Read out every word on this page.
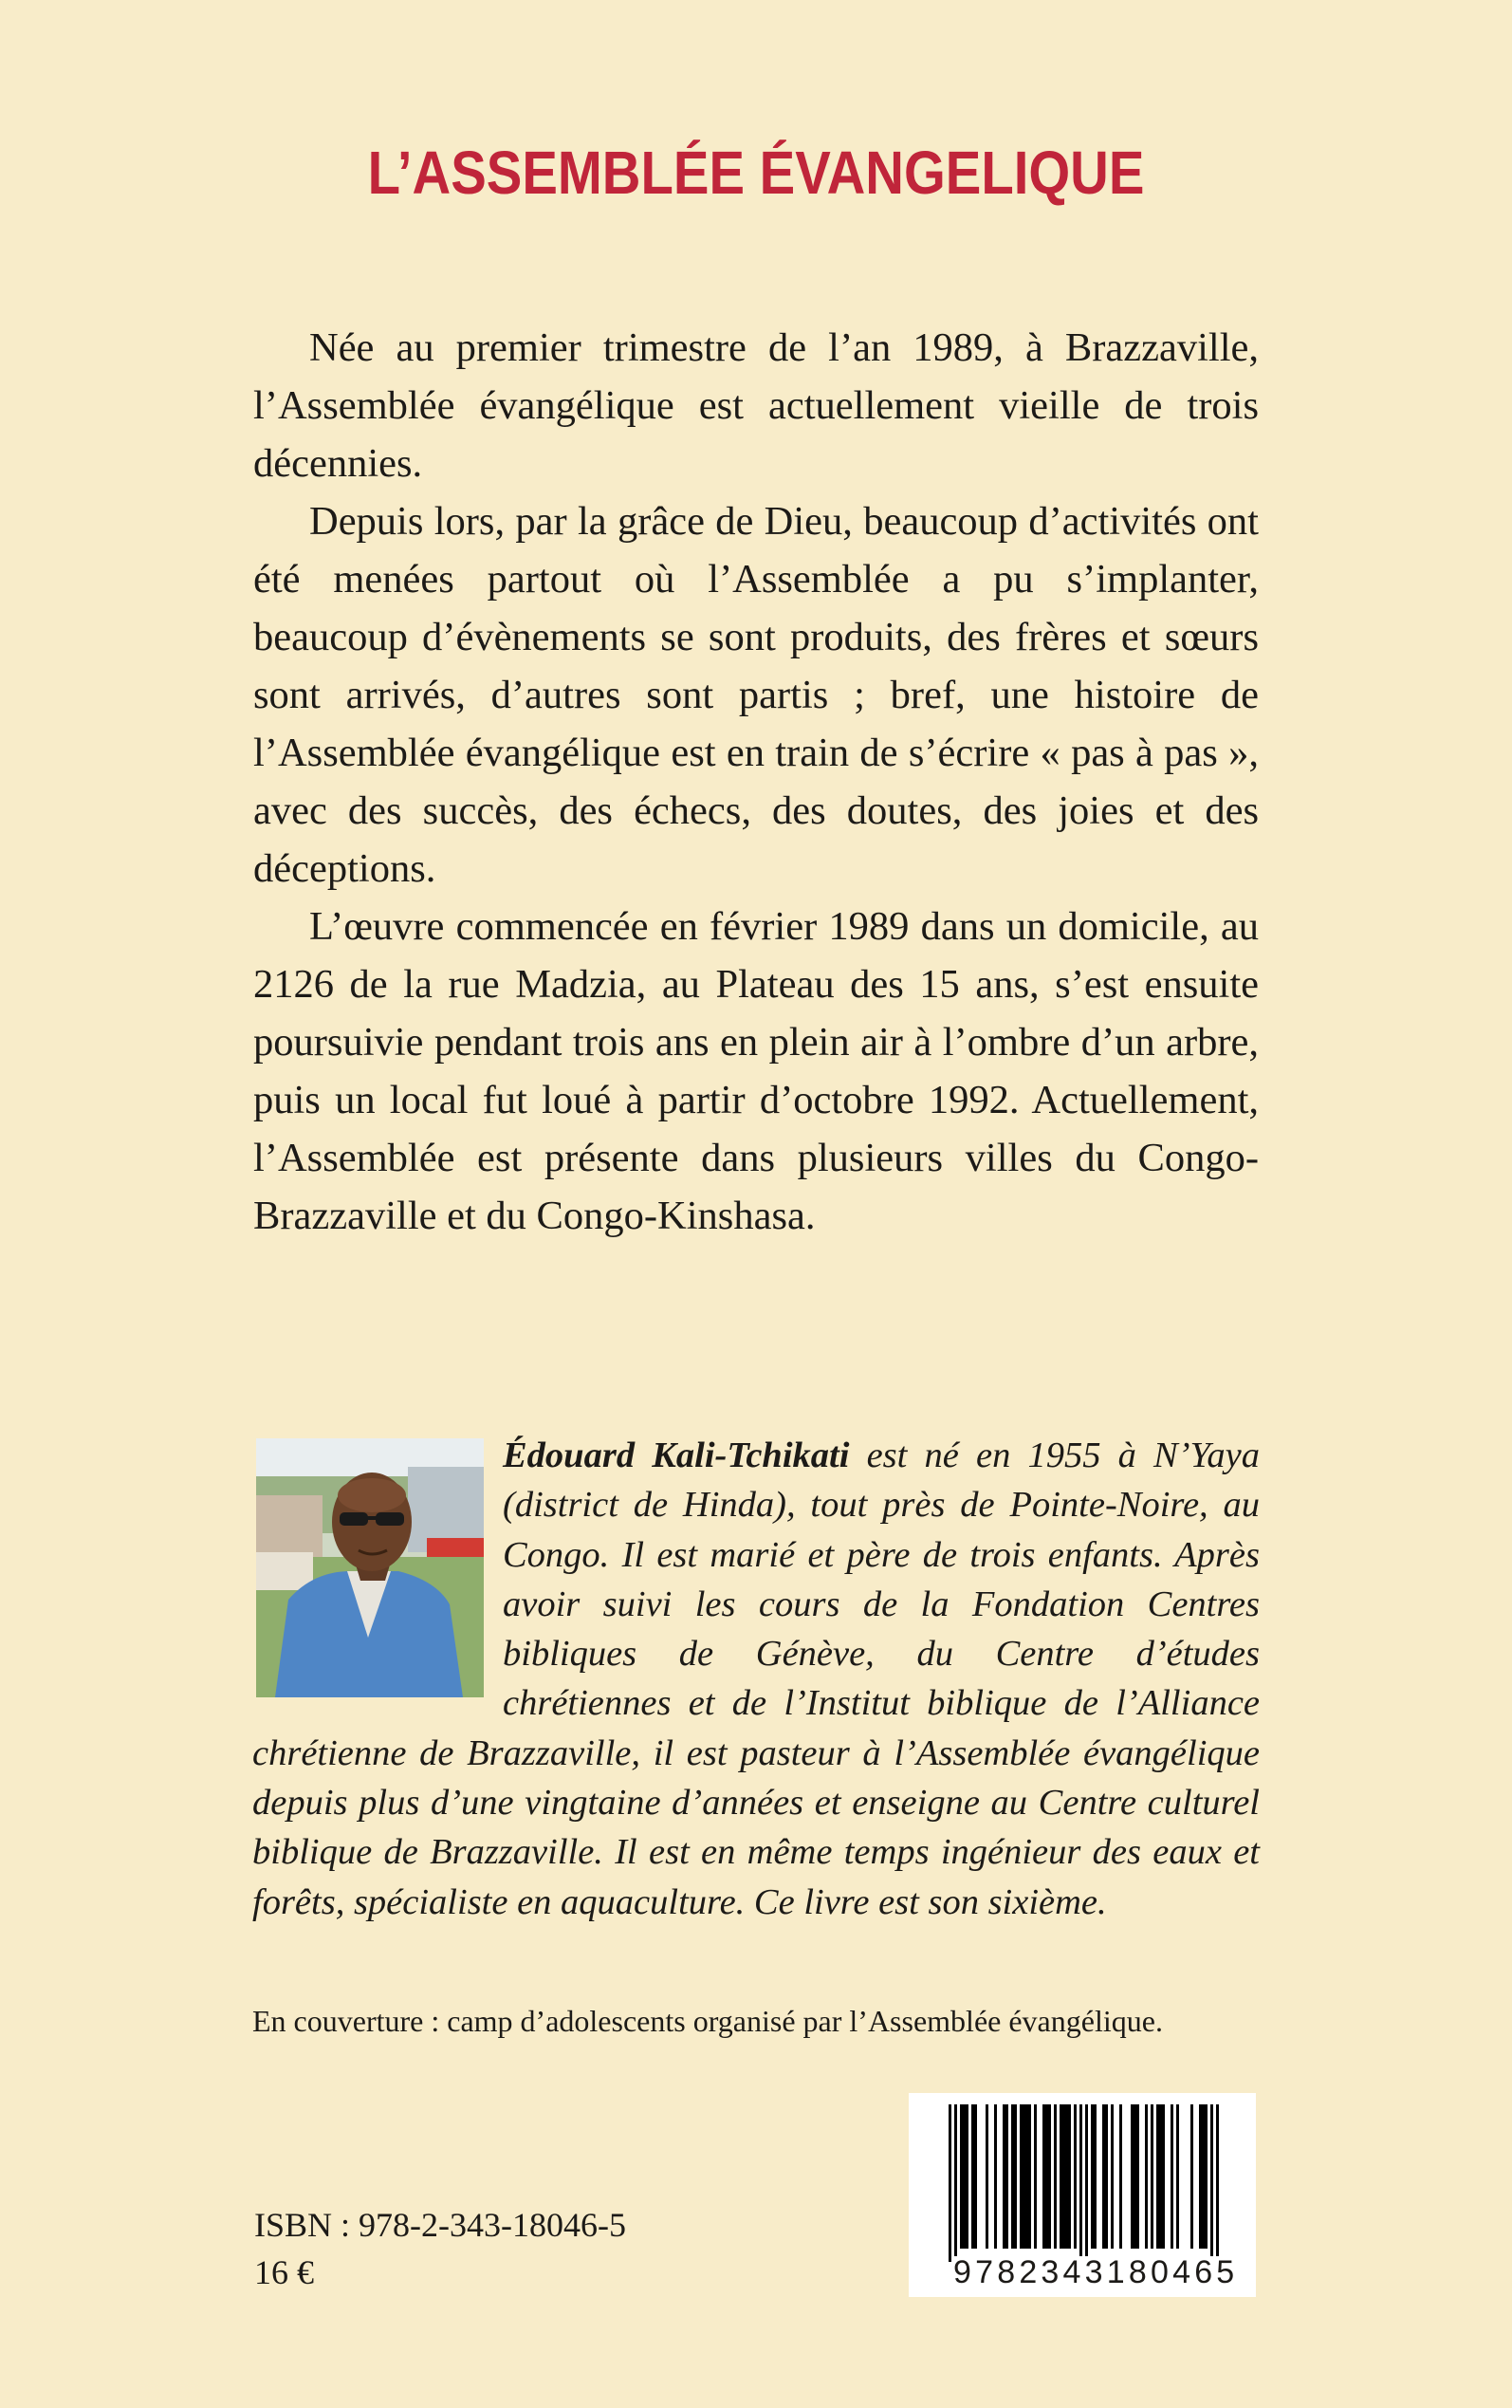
L’ASSEMBLÉE ÉVANGELIQUE

Née au premier trimestre de l’an 1989, à Brazzaville, l’Assemblée évangélique est actuellement vieille de trois décennies.

Depuis lors, par la grâce de Dieu, beaucoup d’activités ont été menées partout où l’Assemblée a pu s’implanter, beaucoup d’évènements se sont produits, des frères et sœurs sont arrivés, d’autres sont partis ; bref, une histoire de l’Assemblée évangélique est en train de s’écrire « pas à pas », avec des succès, des échecs, des doutes, des joies et des déceptions.

L’œuvre commencée en février 1989 dans un domicile, au 2126 de la rue Madzia, au Plateau des 15 ans, s’est ensuite poursuivie pendant trois ans en plein air à l’ombre d’un arbre, puis un local fut loué à partir d’octobre 1992. Actuellement, l’Assemblée est présente dans plusieurs villes du Congo-Brazzaville et du Congo-Kinshasa.

Édouard Kali-Tchikati est né en 1955 à N’Yaya (district de Hinda), tout près de Pointe-Noire, au Congo. Il est marié et père de trois enfants. Après avoir suivi les cours de la Fondation Centres bibliques de Génève, du Centre d’études chrétiennes et de l’Institut biblique de l’Alliance chrétienne de Brazzaville, il est pasteur à l’Assemblée évangélique depuis plus d’une vingtaine d’années et enseigne au Centre culturel biblique de Brazzaville. Il est en même temps ingénieur des eaux et forêts, spécialiste en aquaculture. Ce livre est son sixième.
En couverture : camp d’adolescents organisé par l’Assemblée évangélique.
9782343180465
ISBN : 978-2-343-18046-5
16 €
